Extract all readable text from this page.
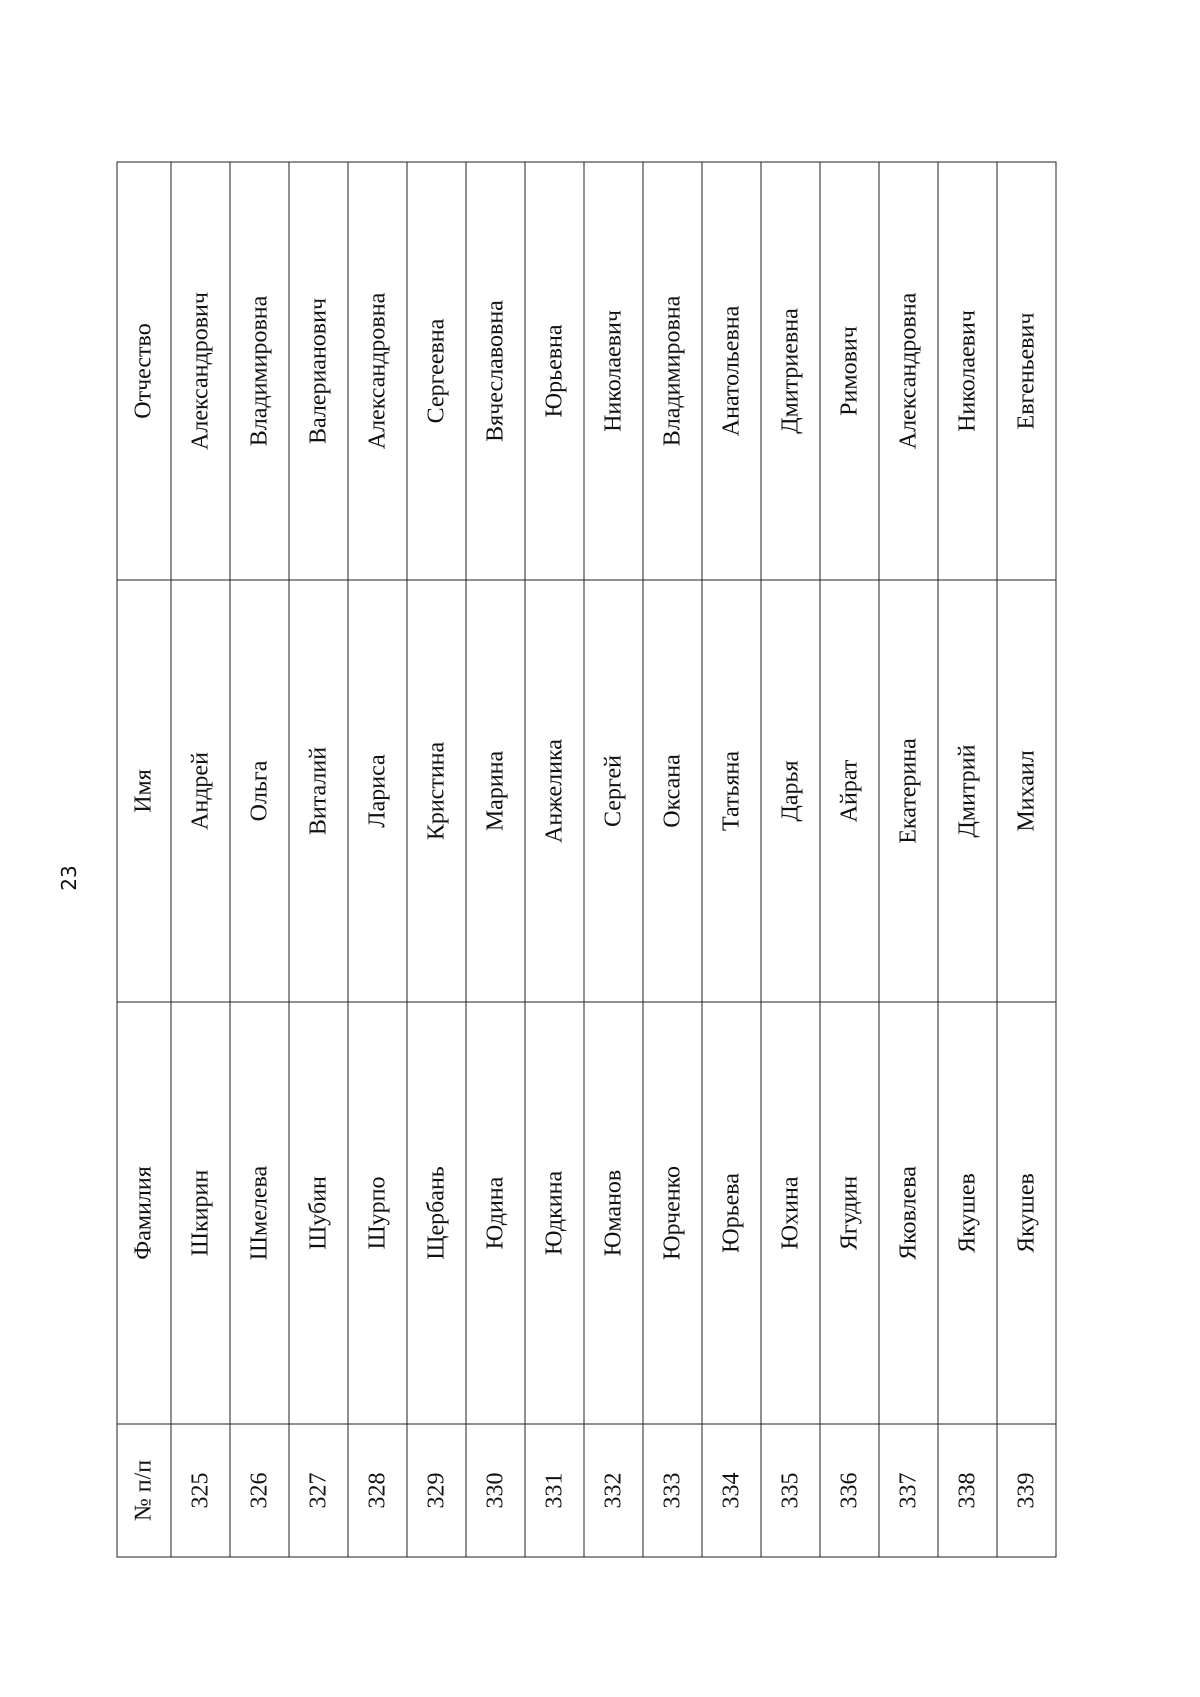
23
№ п/п	Фамилия	Имя	Отчество
325	Шкирин	Андрей	Александрович
326	Шмелева	Ольга	Владимировна
327	Шубин	Виталий	Валерианович
328	Шурпо	Лариса	Александровна
329	Щербань	Кристина	Сергеевна
330	Юдина	Марина	Вячеславовна
331	Юдкина	Анжелика	Юрьевна
332	Юманов	Сергей	Николаевич
333	Юрченко	Оксана	Владимировна
334	Юрьева	Татьяна	Анатольевна
335	Юхина	Дарья	Дмитриевна
336	Ягудин	Айрат	Римович
337	Яковлева	Екатерина	Александровна
338	Якушев	Дмитрий	Николаевич
339	Якушев	Михаил	Евгеньевич
